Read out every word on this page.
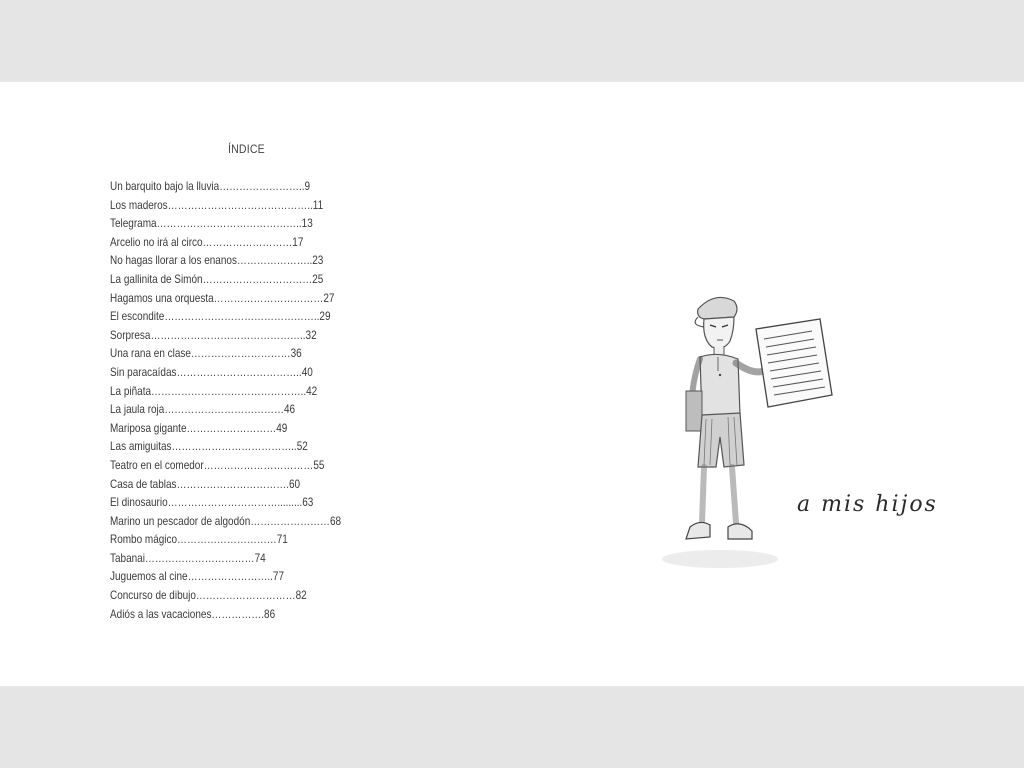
ÍNDICE
Un barquito bajo la lluvia……………………..9
Los maderos……………………………………..11
Telegrama……………………………………..13
Arcelio no irá al circo………………………17
No hagas llorar a los enanos…………………..23
La gallinita de Simón……………………………25
Hagamos una orquesta……………………………27
El escondite………………………………………..29
Sorpresa………………………………………..32
Una rana en clase…………………………36
Sin paracaídas………………………………..40
La piñata………………………………………..42
La jaula roja………………………………46
Mariposa gigante………………………49
Las amiguitas………………………………..52
Teatro en el comedor……………………………55
Casa de tablas…………………………….60
El dinosaurio…………………………….........63
Marino un pescador de algodón……………………68
Rombo mágico…………………………71
Tabanai……………………………74
Juguemos al cine……………………..77
Concurso de dibujo…………………………82
Adiós a las vacaciones…………….86
a mis hijos
